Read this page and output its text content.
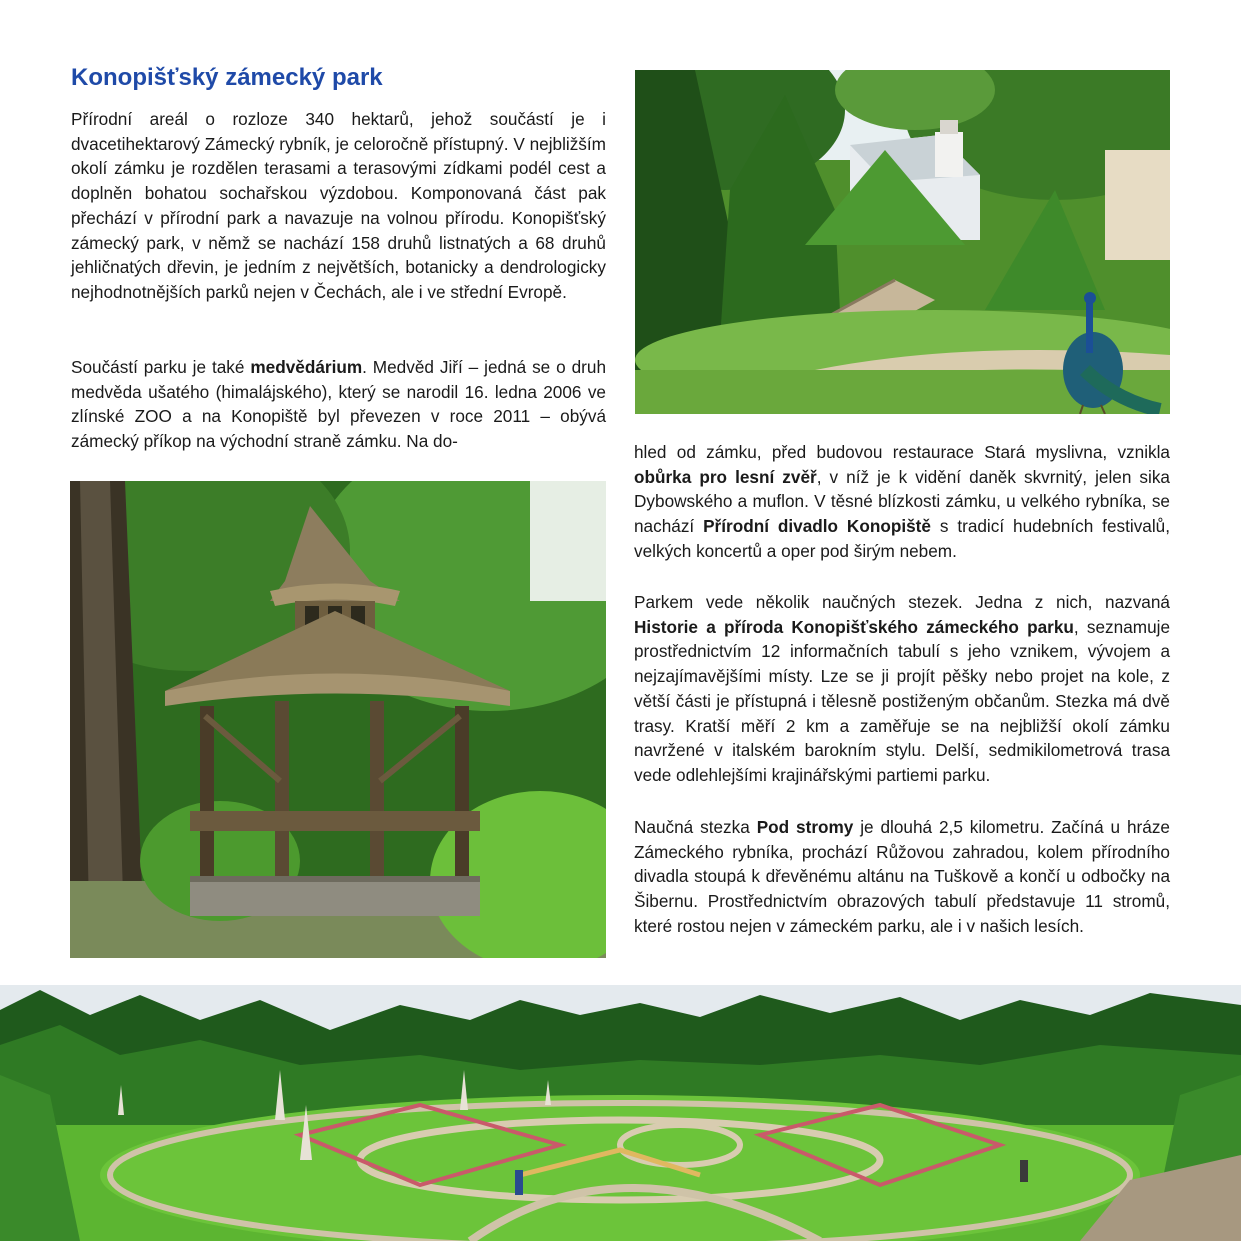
Konopišťský zámecký park

Přírodní areál o rozloze 340 hektarů, jehož součástí je i dvacetihektarový Zámecký rybník, je celoročně přístupný. V nejbližším okolí zámku je rozdělen terasami a terasovými zídkami podél cest a doplněn bohatou sochařskou výzdobou. Komponovaná část pak přechází v přírodní park a navazuje na volnou přírodu. Konopišťský zámecký park, v němž se nachází 158 druhů listnatých a 68 druhů jehličnatých dřevin, je jedním z největších, botanicky a dendrologicky nejhodnotnějších parků nejen v Čechách, ale i ve střední Evropě.

Součástí parku je také medvědárium. Medvěd Jiří – jedná se o druh medvěda ušatého (himalájského), který se narodil 16. ledna 2006 ve zlínské ZOO a na Konopiště byl převezen v roce 2011 – obývá zámecký příkop na východní straně zámku. Na do-

hled od zámku, před budovou restaurace Stará myslivna, vznikla obůrka pro lesní zvěř, v níž je k vidění daněk skvrnitý, jelen sika Dybowského a muflon. V těsné blízkosti zámku, u velkého rybníka, se nachází Přírodní divadlo Konopiště s tradicí hudebních festivalů, velkých koncertů a oper pod širým nebem.

Parkem vede několik naučných stezek. Jedna z nich, nazvaná Historie a příroda Konopišťského zámeckého parku, seznamuje prostřednictvím 12 informačních tabulí s jeho vznikem, vývojem a nejzajímavějšími místy. Lze se ji projít pěšky nebo projet na kole, z větší části je přístupná i tělesně postiženým občanům. Stezka má dvě trasy. Kratší měří 2 km a zaměřuje se na nejbližší okolí zámku navržené v italském barokním stylu. Delší, sedmikilometrová trasa vede odlehlejšími krajinářskými partiemi parku.

Naučná stezka Pod stromy je dlouhá 2,5 kilometru. Začíná u hráze Zámeckého rybníka, prochází Růžovou zahradou, kolem přírodního divadla stoupá k dřevěnému altánu na Tuškově a končí u odbočky na Šibernu. Prostřednictvím obrazových tabulí představuje 11 stromů, které rostou nejen v zámeckém parku, ale i v našich lesích.
